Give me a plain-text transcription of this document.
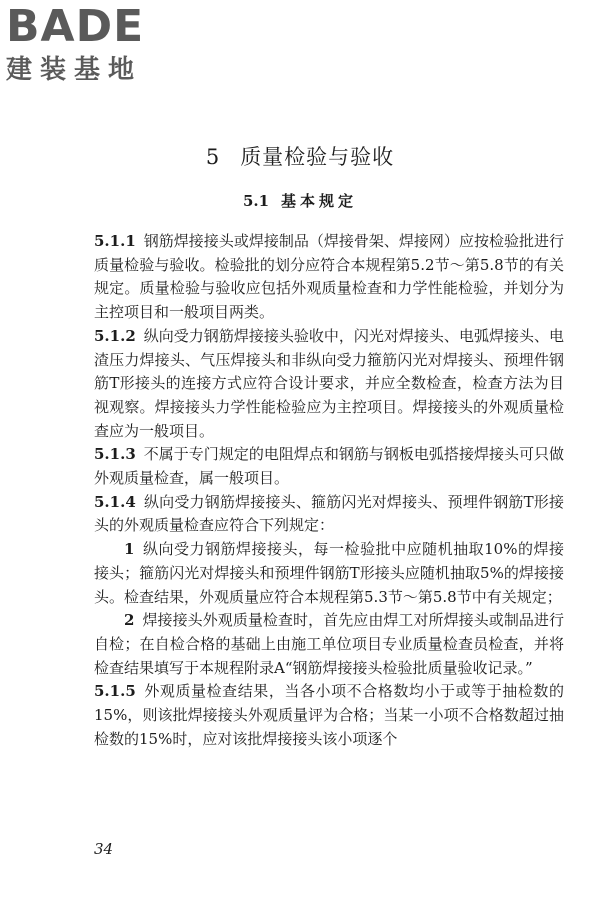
BADE
建装基地
5 质量检验与验收
5.1 基本规定

5.1.1 钢筋焊接接头或焊接制品（焊接骨架、焊接网）应按检验批进行质量检验与验收。检验批的划分应符合本规程第5.2节～第5.8节的有关规定。质量检验与验收应包括外观质量检查和力学性能检验，并划分为主控项目和一般项目两类。

5.1.2 纵向受力钢筋焊接接头验收中，闪光对焊接头、电弧焊接头、电渣压力焊接头、气压焊接头和非纵向受力箍筋闪光对焊接头、预埋件钢筋T形接头的连接方式应符合设计要求，并应全数检查，检查方法为目视观察。焊接接头力学性能检验应为主控项目。焊接接头的外观质量检查应为一般项目。

5.1.3 不属于专门规定的电阻焊点和钢筋与钢板电弧搭接焊接头可只做外观质量检查，属一般项目。

5.1.4 纵向受力钢筋焊接接头、箍筋闪光对焊接头、预埋件钢筋T形接头的外观质量检查应符合下列规定：

1 纵向受力钢筋焊接接头，每一检验批中应随机抽取10%的焊接接头；箍筋闪光对焊接头和预埋件钢筋T形接头应随机抽取5%的焊接接头。检查结果，外观质量应符合本规程第5.3节～第5.8节中有关规定；

2 焊接接头外观质量检查时，首先应由焊工对所焊接头或制品进行自检；在自检合格的基础上由施工单位项目专业质量检查员检查，并将检查结果填写于本规程附录A“钢筋焊接接头检验批质量验收记录。”

5.1.5 外观质量检查结果，当各小项不合格数均小于或等于抽检数的15%，则该批焊接接头外观质量评为合格；当某一小项不合格数超过抽检数的15%时，应对该批焊接接头该小项逐个

34
